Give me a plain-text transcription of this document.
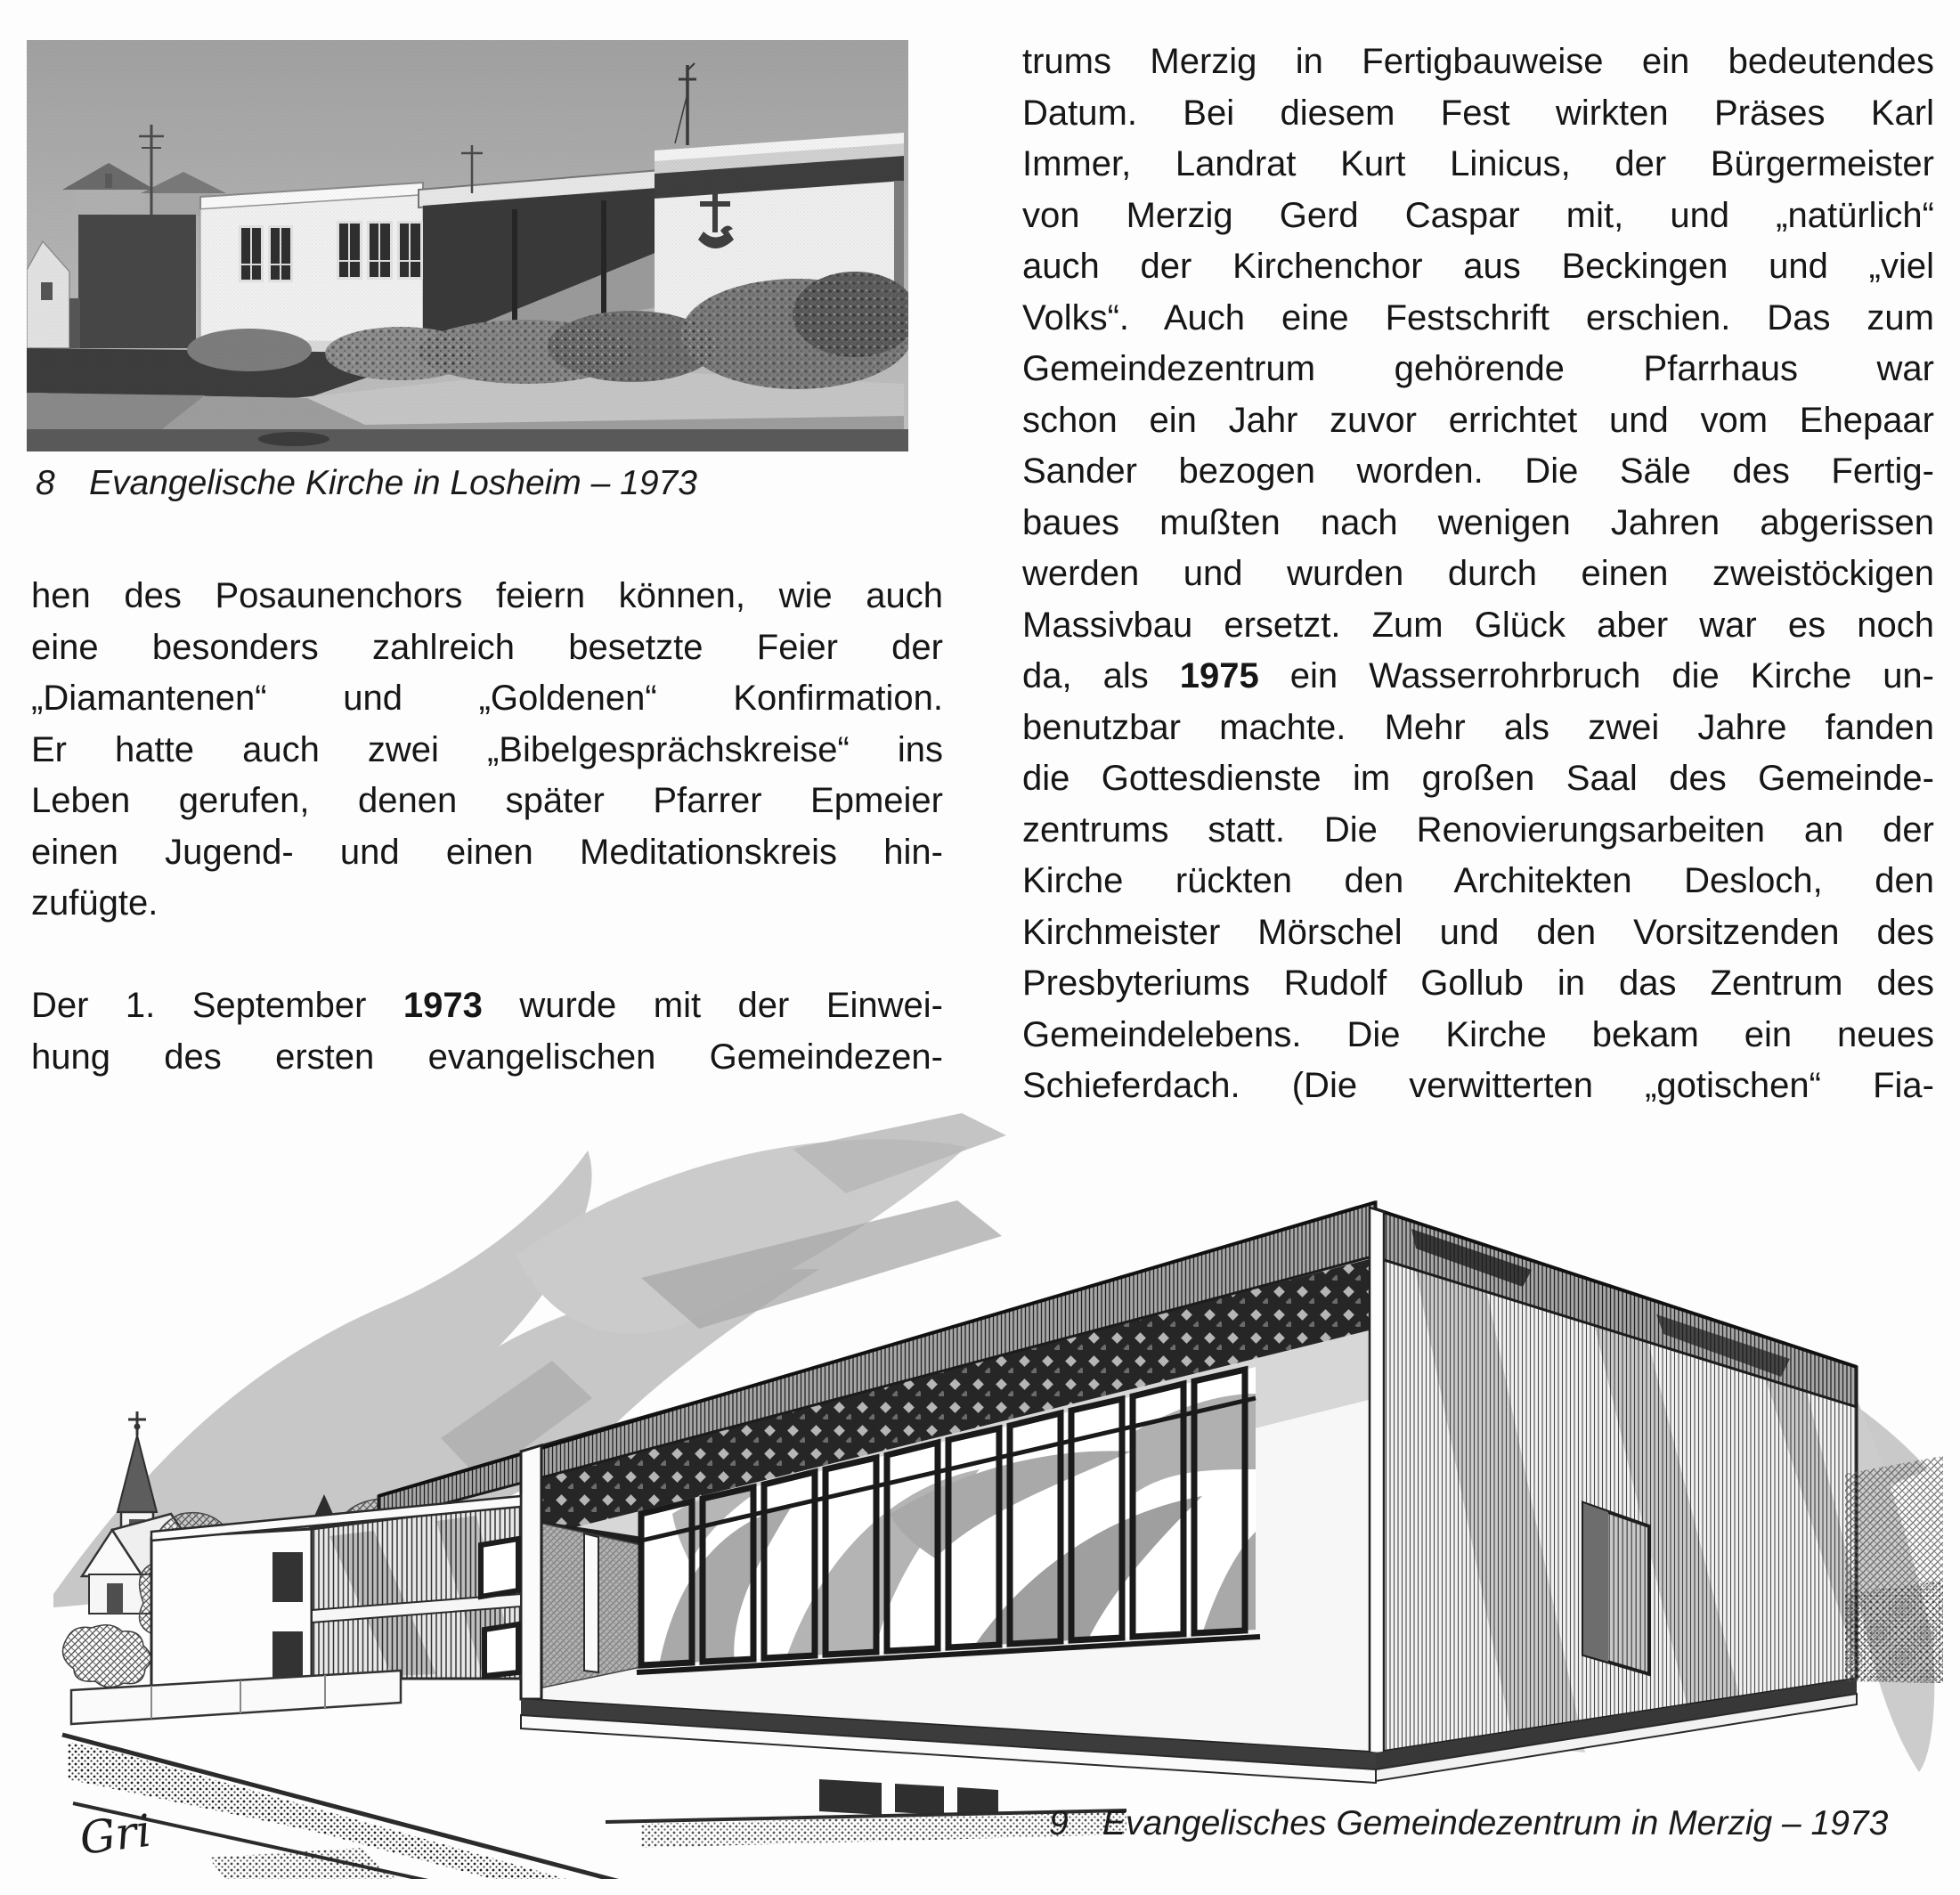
8 Evangelische Kirche in Losheim – 1973
hen des Posaunenchors feiern können, wie auch
eine besonders zahlreich besetzte Feier der
„Diamantenen“ und „Goldenen“ Konfirmation.
Er hatte auch zwei „Bibelgesprächskreise“ ins
Leben gerufen, denen später Pfarrer Epmeier
einen Jugend- und einen Meditationskreis hin-
zufügte.
Der 1. September 1973 wurde mit der Einwei-
hung des ersten evangelischen Gemeindezen-
trums Merzig in Fertigbauweise ein bedeutendes
Datum. Bei diesem Fest wirkten Präses Karl
Immer, Landrat Kurt Linicus, der Bürgermeister
von Merzig Gerd Caspar mit, und „natürlich“
auch der Kirchenchor aus Beckingen und „viel
Volks“. Auch eine Festschrift erschien. Das zum
Gemeindezentrum gehörende Pfarrhaus war
schon ein Jahr zuvor errichtet und vom Ehepaar
Sander bezogen worden. Die Säle des Fertig-
baues mußten nach wenigen Jahren abgerissen
werden und wurden durch einen zweistöckigen
Massivbau ersetzt. Zum Glück aber war es noch
da, als 1975 ein Wasserrohrbruch die Kirche un-
benutzbar machte. Mehr als zwei Jahre fanden
die Gottesdienste im großen Saal des Gemeinde-
zentrums statt. Die Renovierungsarbeiten an der
Kirche rückten den Architekten Desloch, den
Kirchmeister Mörschel und den Vorsitzenden des
Presbyteriums Rudolf Gollub in das Zentrum des
Gemeindelebens. Die Kirche bekam ein neues
Schieferdach. (Die verwitterten „gotischen“ Fia-
Gri	9 Evangelisches Gemeindezentrum in Merzig – 1973
